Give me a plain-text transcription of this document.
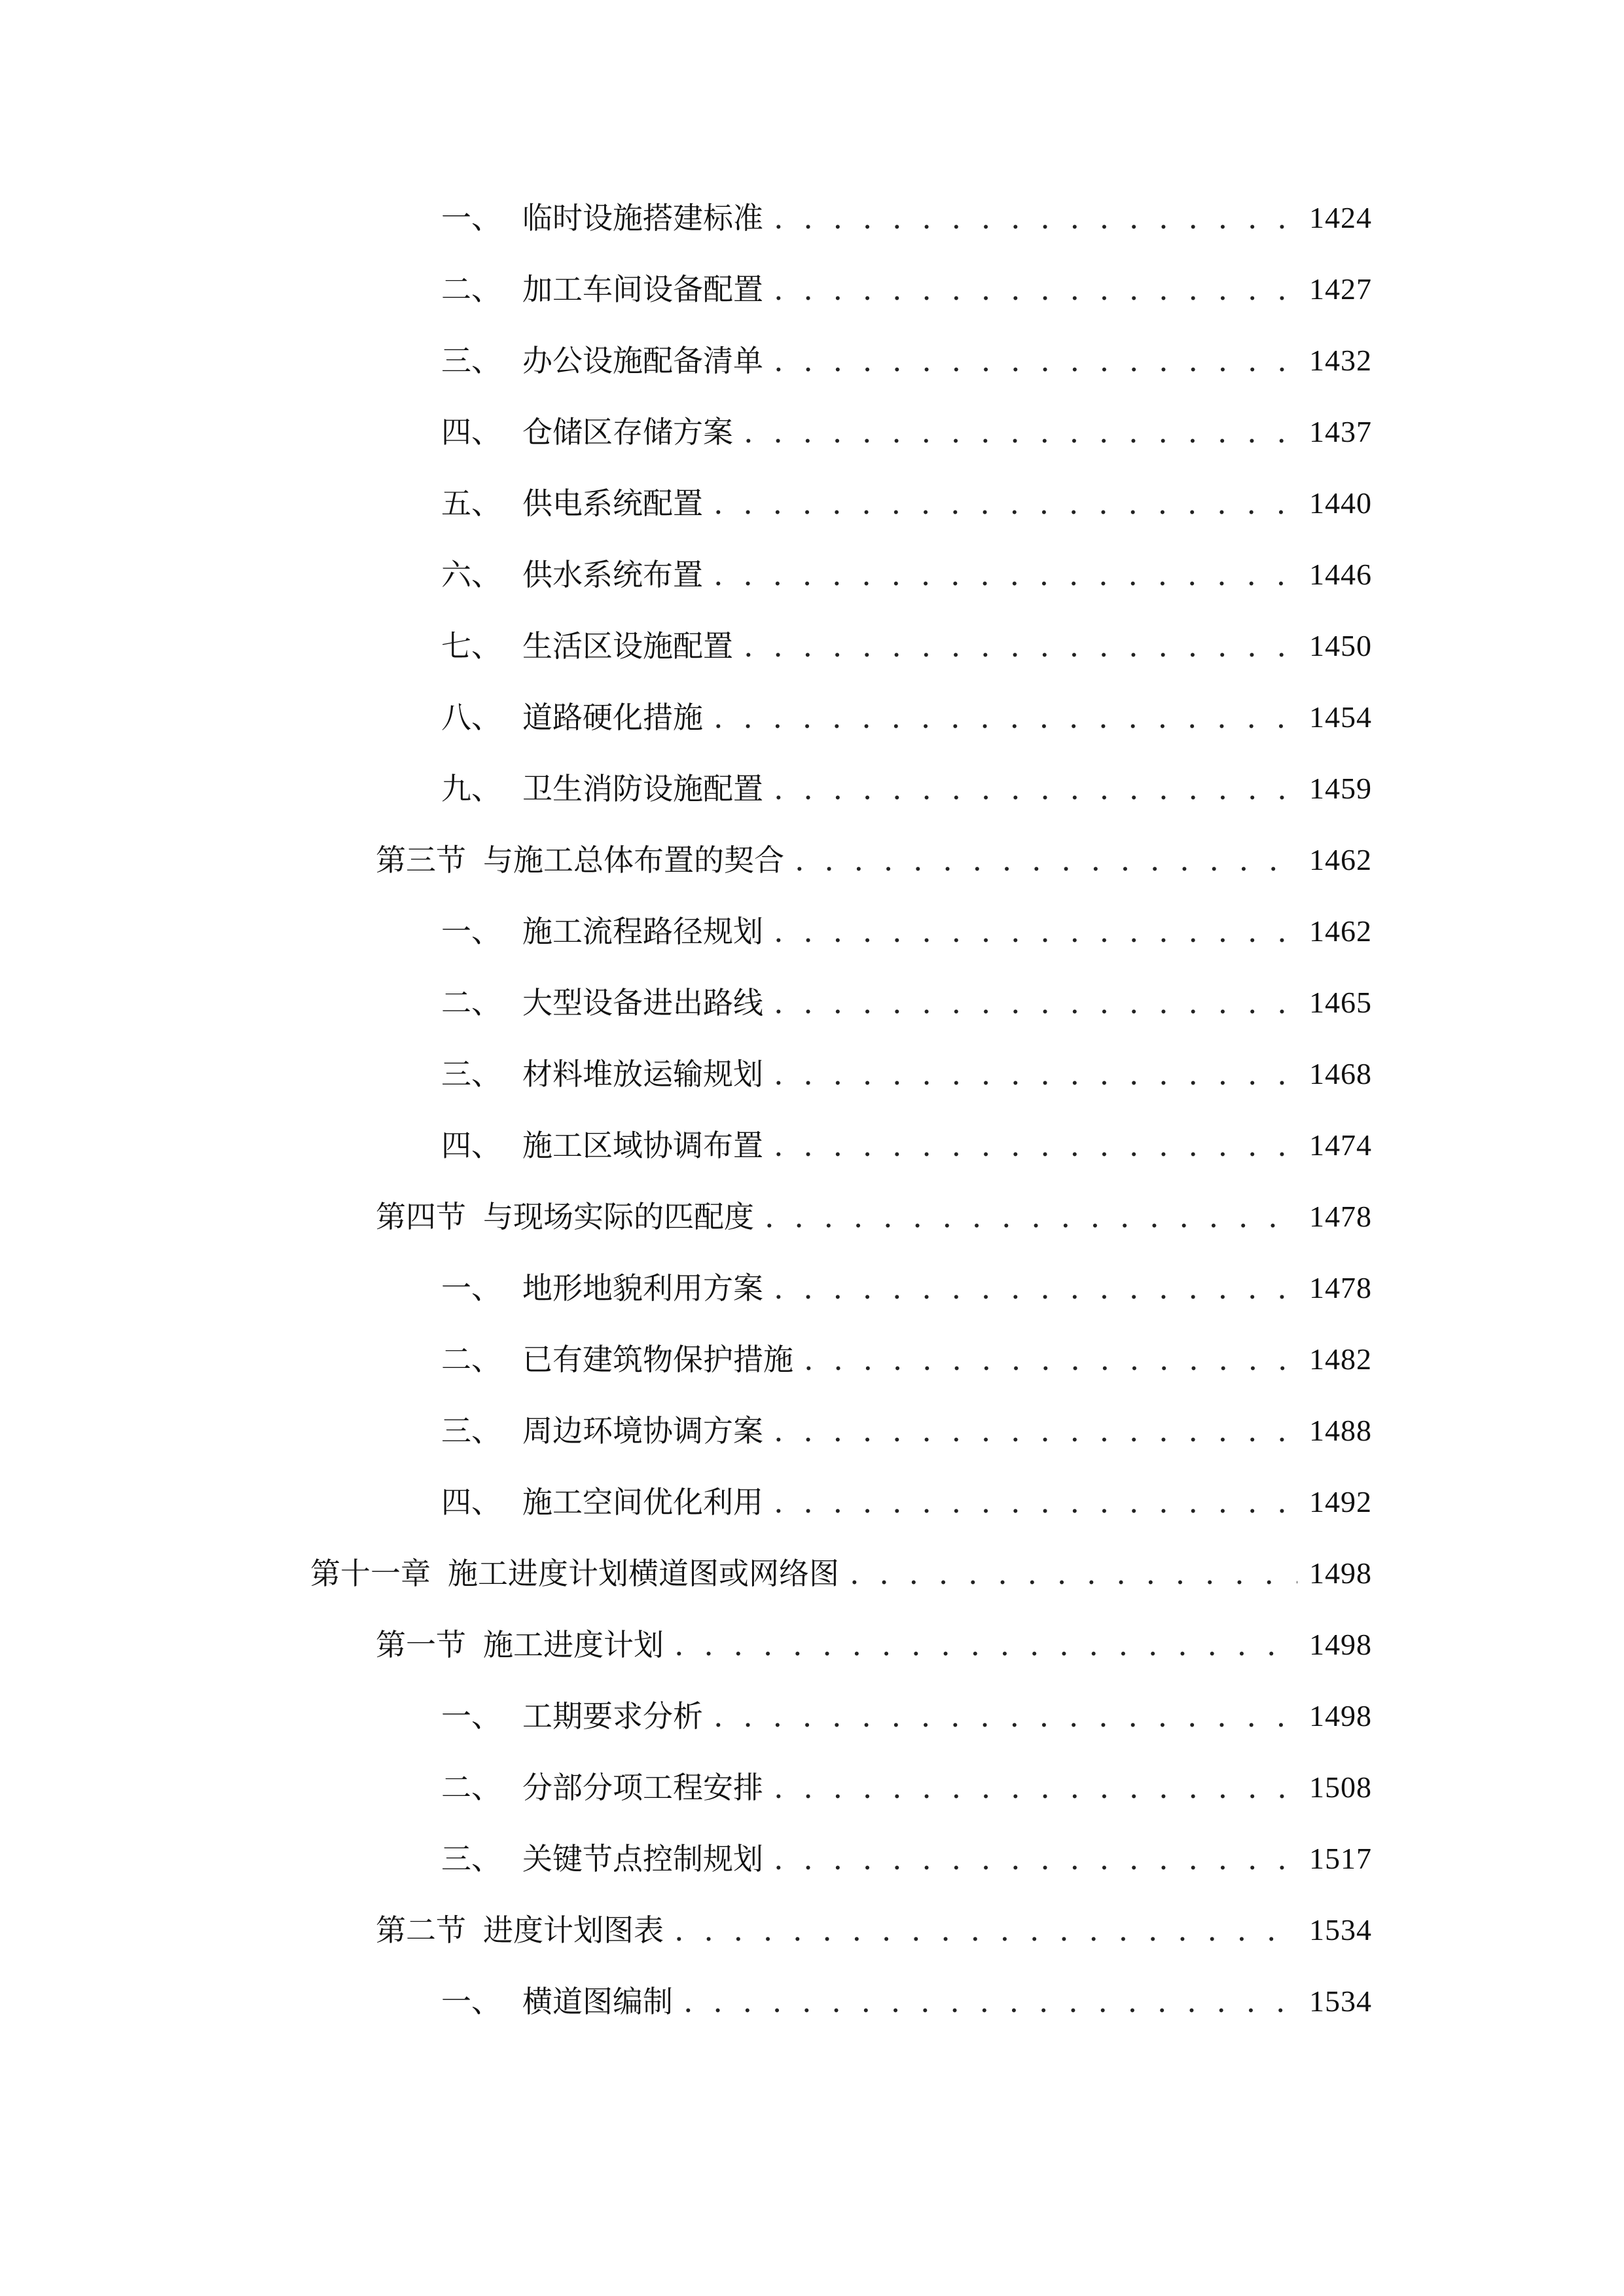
一、 临时设施搭建标准 . . .	1424
二、 加工车间设备配置 . . .	1427
三、 办公设施配备清单 . . .	1432
四、 仓储区存储方案 . . .	1437
五、 供电系统配置 . . .	1440
六、 供水系统布置 . . .	1446
七、 生活区设施配置 . . .	1450
八、 道路硬化措施 . . .	1454
九、 卫生消防设施配置 . . .	1459
第三节 与施工总体布置的契合 . . .	1462
一、 施工流程路径规划 . . .	1462
二、 大型设备进出路线 . . .	1465
三、 材料堆放运输规划 . . .	1468
四、 施工区域协调布置 . . .	1474
第四节 与现场实际的匹配度 . . .	1478
一、 地形地貌利用方案 . . .	1478
二、 已有建筑物保护措施 . . .	1482
三、 周边环境协调方案 . . .	1488
四、 施工空间优化利用 . . .	1492
第十一章 施工进度计划横道图或网络图 . . .	1498
第一节 施工进度计划 . . .	1498
一、 工期要求分析 . . .	1498
二、 分部分项工程安排 . . .	1508
三、 关键节点控制规划 . . .	1517
第二节 进度计划图表 . . .	1534
一、 横道图编制 . . .	1534
